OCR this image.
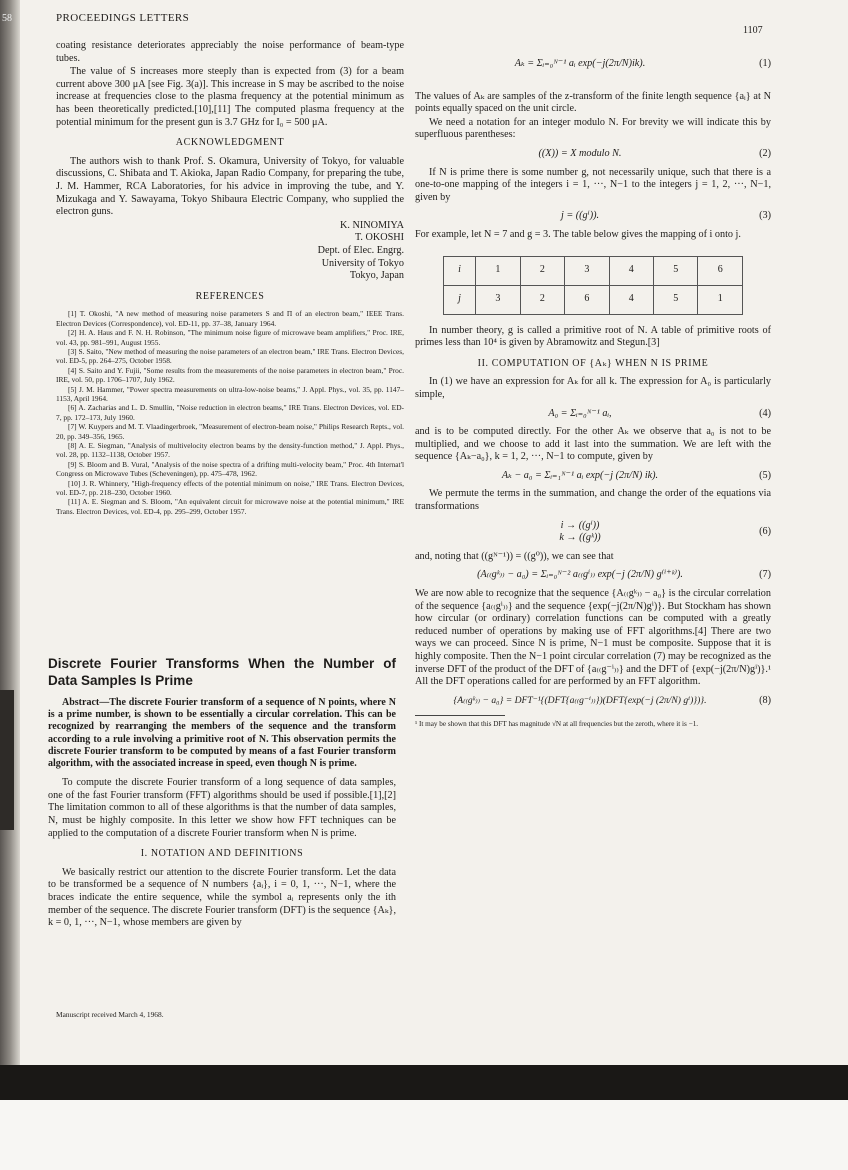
58	PROCEEDINGS LETTERS
1107

coating resistance deteriorates appreciably the noise performance of beam-type tubes.

The value of S increases more steeply than is expected from (3) for a beam current above 300 μA [see Fig. 3(a)]. This increase in S may be ascribed to the noise increase at frequencies close to the plasma frequency at the potential minimum as has been theoretically predicted.[10],[11] The computed plasma frequency at the potential minimum for the present gun is 3.7 GHz for I₀ = 500 μA.

ACKNOWLEDGMENT

The authors wish to thank Prof. S. Okamura, University of Tokyo, for valuable discussions, C. Shibata and T. Akioka, Japan Radio Company, for preparing the tube, J. M. Hammer, RCA Laboratories, for his advice in improving the tube, and Y. Mizukaga and Y. Sawayama, Tokyo Shibaura Electric Company, who supplied the electron guns.

K. NINOMIYA
T. OKOSHI
Dept. of Elec. Engrg.
University of Tokyo
Tokyo, Japan
REFERENCES

[1] T. Okoshi, "A new method of measuring noise parameters S and Π of an electron beam," IEEE Trans. Electron Devices (Correspondence), vol. ED-11, pp. 37–38, January 1964.

[2] H. A. Haus and F. N. H. Robinson, "The minimum noise figure of microwave beam amplifiers," Proc. IRE, vol. 43, pp. 981–991, August 1955.

[3] S. Saito, "New method of measuring the noise parameters of an electron beam," IRE Trans. Electron Devices, vol. ED-5, pp. 264–275, October 1958.

[4] S. Saito and Y. Fujii, "Some results from the measurements of the noise parameters in electron beam," Proc. IRE, vol. 50, pp. 1706–1707, July 1962.

[5] J. M. Hammer, "Power spectra measurements on ultra-low-noise beams," J. Appl. Phys., vol. 35, pp. 1147–1153, April 1964.

[6] A. Zacharias and L. D. Smullin, "Noise reduction in electron beams," IRE Trans. Electron Devices, vol. ED-7, pp. 172–173, July 1960.

[7] W. Kuypers and M. T. Vlaadingerbroek, "Measurement of electron-beam noise," Philips Research Repts., vol. 20, pp. 349–356, 1965.

[8] A. E. Siegman, "Analysis of multivelocity electron beams by the density-function method," J. Appl. Phys., vol. 28, pp. 1132–1138, October 1957.

[9] S. Bloom and B. Vural, "Analysis of the noise spectra of a drifting multi-velocity beam," Proc. 4th Internat'l Congress on Microwave Tubes (Scheveningen), pp. 475–478, 1962.

[10] J. R. Whinnery, "High-frequency effects of the potential minimum on noise," IRE Trans. Electron Devices, vol. ED-7, pp. 218–230, October 1960.

[11] A. E. Siegman and S. Bloom, "An equivalent circuit for microwave noise at the potential minimum," IRE Trans. Electron Devices, vol. ED-4, pp. 295–299, October 1957.

Discrete Fourier Transforms When the Number of Data Samples Is Prime

Abstract—The discrete Fourier transform of a sequence of N points, where N is a prime number, is shown to be essentially a circular correlation. This can be recognized by rearranging the members of the sequence and the transform according to a rule involving a primitive root of N. This observation permits the discrete Fourier transform to be computed by means of a fast Fourier transform algorithm, with the associated increase in speed, even though N is prime.

To compute the discrete Fourier transform of a long sequence of data samples, one of the fast Fourier transform (FFT) algorithms should be used if possible.[1],[2] The limitation common to all of these algorithms is that the number of data samples, N, must be highly composite. In this letter we show how FFT techniques can be applied to the computation of a discrete Fourier transform when N is prime.

I. NOTATION AND DEFINITIONS

We basically restrict our attention to the discrete Fourier transform. Let the data to be transformed be a sequence of N numbers {aᵢ}, i = 0, 1, ···, N−1, where the braces indicate the entire sequence, while the symbol aᵢ represents only the ith member of the sequence. The discrete Fourier transform (DFT) is the sequence {Aₖ}, k = 0, 1, ···, N−1, whose members are given by

Manuscript received March 4, 1968.
Aₖ = Σᵢ₌₀ᴺ⁻¹ aᵢ exp(−j(2π/N)ik).	(1)

The values of Aₖ are samples of the z-transform of the finite length sequence {aᵢ} at N points equally spaced on the unit circle.

We need a notation for an integer modulo N. For brevity we will indicate this by superfluous parentheses:

((X)) = X modulo N.	(2)

If N is prime there is some number g, not necessarily unique, such that there is a one-to-one mapping of the integers i = 1, ···, N−1 to the integers j = 1, 2, ···, N−1, given by

j = ((gⁱ)).	(3)

For example, let N = 7 and g = 3. The table below gives the mapping of i onto j.

i	1	2	3	4	5	6
j	3	2	6	4	5	1

In number theory, g is called a primitive root of N. A table of primitive roots of primes less than 10⁴ is given by Abramowitz and Stegun.[3]

II. COMPUTATION OF {Aₖ} WHEN N IS PRIME

In (1) we have an expression for Aₖ for all k. The expression for A₀ is particularly simple,

A₀ = Σᵢ₌₀ᴺ⁻¹ aᵢ,	(4)

and is to be computed directly. For the other Aₖ we observe that a₀ is not to be multiplied, and we choose to add it last into the summation. We are left with the sequence {Aₖ−a₀}, k = 1, 2, ···, N−1 to compute, given by

Aₖ − a₀ = Σᵢ₌₁ᴺ⁻¹ aᵢ exp(−j (2π/N) ik).	(5)

We permute the terms in the summation, and change the order of the equations via transformations

i → ((gⁱ))
k → ((gᵏ))
(6)

and, noting that ((gᴺ⁻¹)) = ((g⁰)), we can see that

(A₍₍gᵏ₎₎ − a₀) = Σᵢ₌₀ᴺ⁻² a₍₍gⁱ₎₎ exp(−j (2π/N) g⁽ⁱ⁺ᵏ⁾).	(7)

We are now able to recognize that the sequence {A₍₍gᵏ₎₎ − a₀} is the circular correlation of the sequence {a₍₍gⁱ₎₎} and the sequence {exp(−j(2π/N)gⁱ)}. But Stockham has shown how circular (or ordinary) correlation functions can be computed with a greatly reduced number of operations by making use of FFT algorithms.[4] There are two ways we can proceed. Since N is prime, N−1 must be composite. Suppose that it is highly composite. Then the N−1 point circular correlation (7) may be recognized as the inverse DFT of the product of the DFT of {a₍₍g⁻ⁱ₎₎} and the DFT of {exp(−j(2π/N)gⁱ)}.¹ All the DFT operations called for are performed by an FFT algorithm.

{A₍₍gᵏ₎₎ − a₀} = DFT⁻¹{(DFT{a₍₍g⁻ⁱ₎₎})(DFT{exp(−j (2π/N) gⁱ)})}.	(8)
¹ It may be shown that this DFT has magnitude √N at all frequencies but the zeroth, where it is −1.
